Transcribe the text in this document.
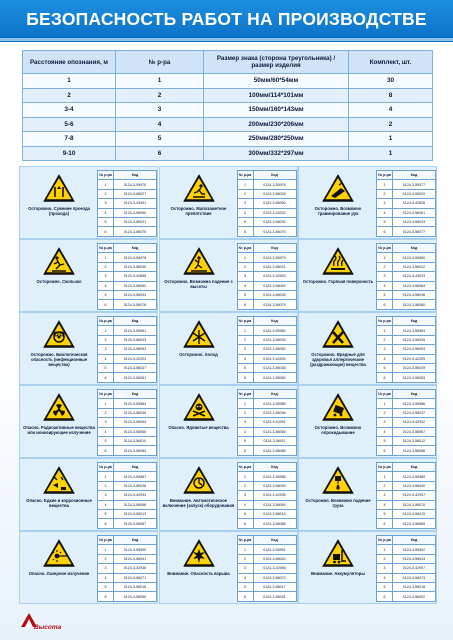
БЕЗОПАСНОСТЬ РАБОТ НА ПРОИЗВОДСТВЕ
Расстояние опознания, м	№ р-ра	Размер знака (сторона треугольника) / размер изделия	Комплект, шт.
1	1	50мм/60*54мм	30
2	2	100мм/114*101мм	8
3-4	3	150мм/160*143мм	4
5-6	4	200мм/230*206мм	2
7-8	5	250мм/280*250мм	1
9-10	6	300мм/332*297мм	1
Осторожно. Сужение проезда (прохода)
№ р-ра	Код
1	0124-3-55975
2	0124-3-56027
3	0124-3-42941
4	0124-3-56060
5	0124-3-56031
6	0124-3-56075
Осторожно. Малозаметное препятствие
№ р-ра	Код
1	0124-3-55976
2	0124-3-56028
3	0124-3-56050
4	0124-3-43332
5	0124-3-56032
6	0124-3-56076
Осторожно. Возможно травмирование рук
№ р-ра	Код
1	0124-3-55977
2	0124-3-56029
3	0124-3-42826
4	0124-3-56061
5	0124-3-56033
6	0124-3-56077
Осторожно. Скользко
№ р-ра	Код
1	0124-3-55978
2	0124-3-56030
3	0124-3-42858
4	0124-3-56062
5	0124-3-56034
6	0124-3-56078
Осторожно. Возможно падение с высоты
№ р-ра	Код
1	0124-3-55979
2	0124-3-56031
3	0124-3-42943
4	0124-3-56063
5	0124-3-56035
6	0124-3-56079
Осторожно. Горячая поверхность
№ р-ра	Код
1	0124-3-55980
2	0124-3-56032
3	0124-3-43023
4	0124-3-56064
5	0124-3-56036
6	0124-3-56080
Осторожно. Биологическая опасность (инфекционные вещества)
№ р-ра	Код
1	0124-3-55981
2	0124-3-56033
3	0124-3-56053
4	0124-3-42203
5	0124-3-56037
6	0124-3-56081
Осторожно. Холод
№ р-ра	Код
1	0124-3-55982
2	0124-3-56034
3	0124-3-56052
4	0124-3-42204
5	0124-3-56038
6	0124-3-56082
Осторожно. Вредные для здоровья аллергические (раздражающие) вещества
№ р-ра	Код
1	0124-3-55983
2	0124-3-56035
3	0124-3-56053
4	0124-3-42205
5	0124-3-56039
6	0124-3-56083
Опасно. Радиоактивные вещества или ионизирующее излучение
№ р-ра	Код
1	0124-3-55984
2	0124-3-56036
3	0124-3-56054
4	0124-3-56065
5	0124-3-56010
6	0124-3-56084
Опасно. Ядовитые вещества
№ р-ра	Код
1	0124-3-55985
2	0124-3-56036
3	0124-3-42931
4	0124-3-56066
5	0124-3-56011
6	0124-3-56085
Осторожно. Возможно опрокидывание
№ р-ра	Код
1	0124-3-55986
2	0124-3-56037
3	0124-3-42932
4	0124-3-56067
5	0124-3-56012
6	0124-3-56086
Опасно. Едкие и коррозионные вещества
№ р-ра	Код
1	0124-3-55987
2	0124-3-56038
3	0124-3-42934
4	0124-3-56068
5	0124-3-56013
6	0124-3-56087
Внимание. Автоматическое включение (запуск) оборудования
№ р-ра	Код
1	0124-3-55988
2	0124-3-56039
3	0124-3-42935
4	0124-3-56069
5	0124-3-56014
6	0124-3-56088
Осторожно. Возможно падение груза
№ р-ра	Код
1	0124-3-55989
2	0124-3-56040
3	0124-3-42937
4	0124-3-56070
5	0124-3-56015
6	0124-3-56089
Опасно. Лазерное излучение
№ р-ра	Код
1	0124-3-55990
2	0124-3-56041
3	0124-3-42946
4	0124-3-56071
5	0124-3-56016
6	0124-3-56090
Внимание. Опасность взрыва
№ р-ра	Код
1	0124-3-55991
2	0124-3-56042
3	0124-3-42946
4	0124-3-56072
5	0124-3-56017
6	0124-3-56091
Внимание. Аккумуляторы
№ р-ра	Код
1	0124-3-55992
2	0124-3-56043
3	0124-3-42997
4	0124-3-56073
5	0124-3-56018
6	0124-3-56092
Высота
